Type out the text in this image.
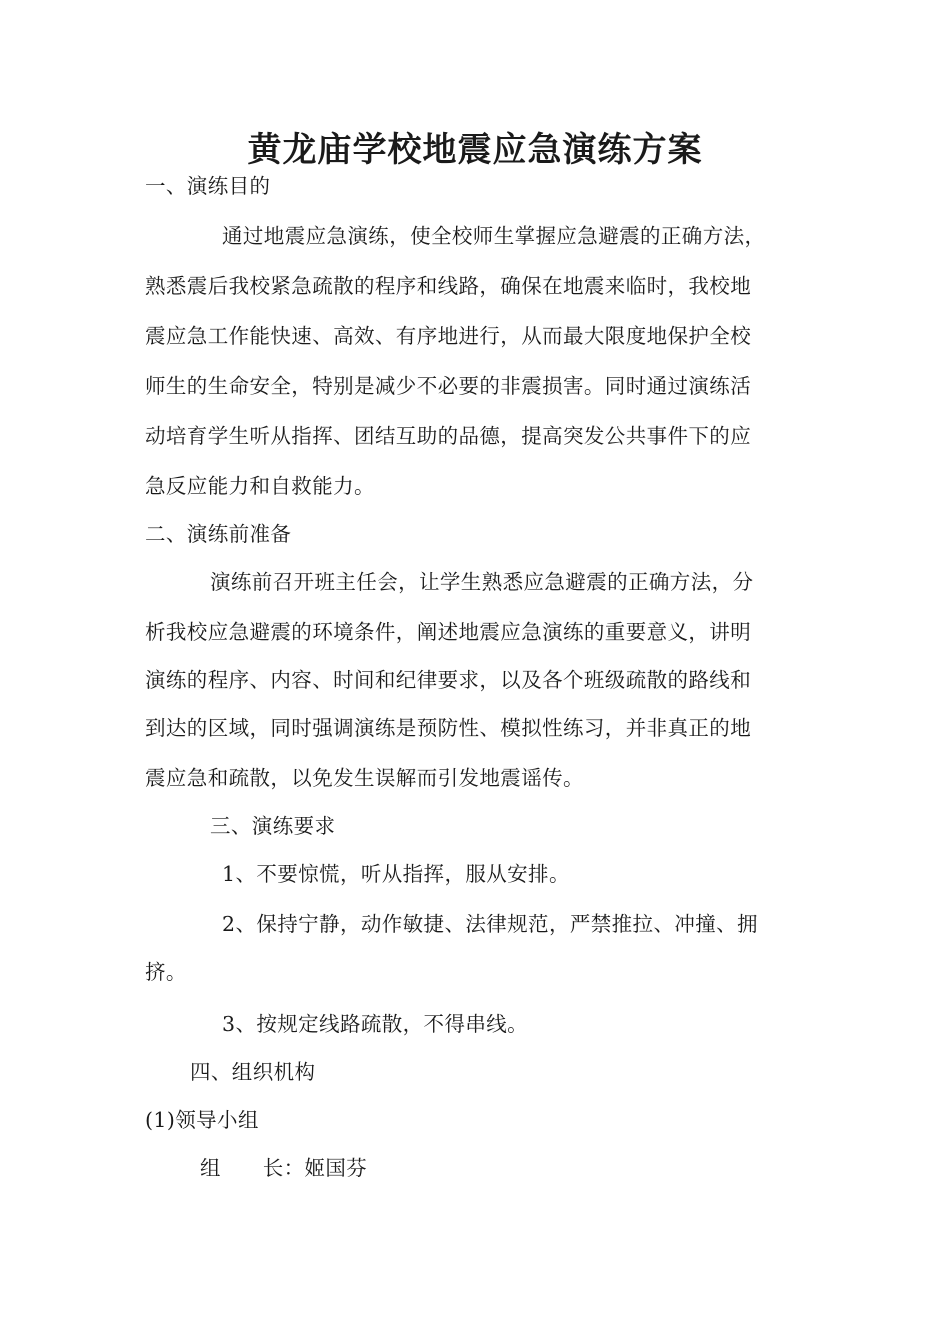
黄龙庙学校地震应急演练方案
一、演练目的
通过地震应急演练，使全校师生掌握应急避震的正确方法，
熟悉震后我校紧急疏散的程序和线路，确保在地震来临时，我校地
震应急工作能快速、高效、有序地进行，从而最大限度地保护全校
师生的生命安全，特别是减少不必要的非震损害。同时通过演练活
动培育学生听从指挥、团结互助的品德，提高突发公共事件下的应
急反应能力和自救能力。
二、演练前准备
演练前召开班主任会，让学生熟悉应急避震的正确方法，分
析我校应急避震的环境条件，阐述地震应急演练的重要意义，讲明
演练的程序、内容、时间和纪律要求，以及各个班级疏散的路线和
到达的区域，同时强调演练是预防性、模拟性练习，并非真正的地
震应急和疏散，以免发生误解而引发地震谣传。
三、演练要求
1、不要惊慌，听从指挥，服从安排。
2、保持宁静，动作敏捷、法律规范，严禁推拉、冲撞、拥
挤。
3、按规定线路疏散，不得串线。
四、组织机构
(1)领导小组
组　　长：姬国芬
